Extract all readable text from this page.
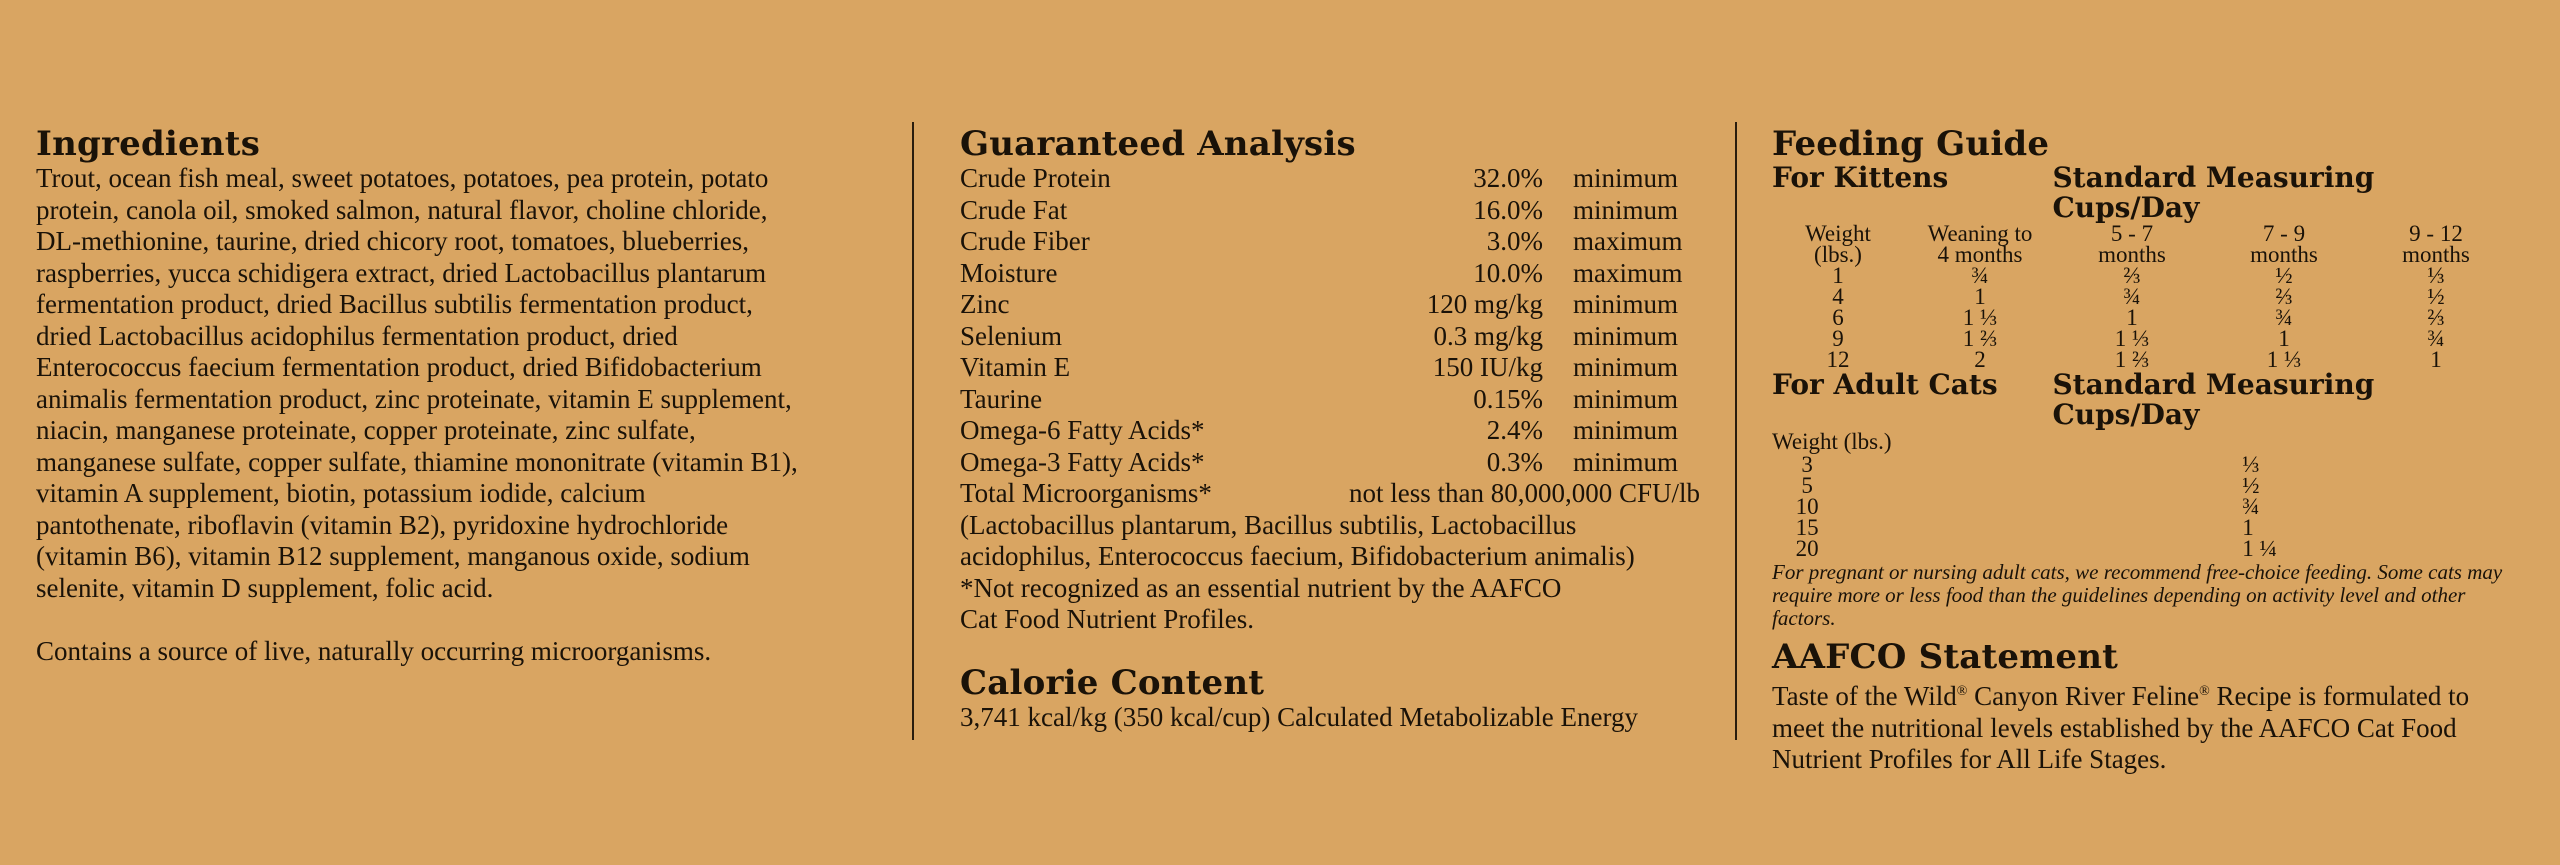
Ingredients
Trout, ocean fish meal, sweet potatoes, potatoes, pea protein, potato
protein, canola oil, smoked salmon, natural flavor, choline chloride,
DL-methionine, taurine, dried chicory root, tomatoes, blueberries,
raspberries, yucca schidigera extract, dried Lactobacillus plantarum
fermentation product, dried Bacillus subtilis fermentation product,
dried Lactobacillus acidophilus fermentation product, dried
Enterococcus faecium fermentation product, dried Bifidobacterium
animalis fermentation product, zinc proteinate, vitamin E supplement,
niacin, manganese proteinate, copper proteinate, zinc sulfate,
manganese sulfate, copper sulfate, thiamine mononitrate (vitamin B1),
vitamin A supplement, biotin, potassium iodide, calcium
pantothenate, riboflavin (vitamin B2), pyridoxine hydrochloride
(vitamin B6), vitamin B12 supplement, manganous oxide, sodium
selenite, vitamin D supplement, folic acid.

Contains a source of live, naturally occurring microorganisms.

Guaranteed Analysis
Crude Protein	32.0%	minimum
Crude Fat	16.0%	minimum
Crude Fiber	3.0%	maximum
Moisture	10.0%	maximum
Zinc	120 mg/kg	minimum
Selenium	0.3 mg/kg	minimum
Vitamin E	150 IU/kg	minimum
Taurine	0.15%	minimum
Omega-6 Fatty Acids*	2.4%	minimum
Omega-3 Fatty Acids*	0.3%	minimum
Total Microorganisms*	not less than 80,000,000 CFU/lb
(Lactobacillus plantarum, Bacillus subtilis, Lactobacillus
acidophilus, Enterococcus faecium, Bifidobacterium animalis)
*Not recognized as an essential nutrient by the AAFCO
Cat Food Nutrient Profiles.
Calorie Content

3,741 kcal/kg (350 kcal/cup) Calculated Metabolizable Energy

Feeding Guide
For Kittens	Standard Measuring Cups/Day
Weight	Weaning to	5 - 7	7 - 9	9 - 12
(lbs.)	4 months	months	months	months
1	¾	⅔	½	⅓
4	1	¾	⅔	½
6	1 ⅓	1	¾	⅔
9	1 ⅔	1 ⅓	1	¾
12	2	1 ⅔	1 ⅓	1
For Adult Cats	Standard Measuring Cups/Day
Weight (lbs.)
3	⅓
5	½
10	¾
15	1
20	1 ¼
For pregnant or nursing adult cats, we recommend free-choice feeding. Some cats may
require more or less food than the guidelines depending on activity level and other factors.
AAFCO Statement
Taste of the Wild® Canyon River Feline® Recipe is formulated to
meet the nutritional levels established by the AAFCO Cat Food
Nutrient Profiles for All Life Stages.
